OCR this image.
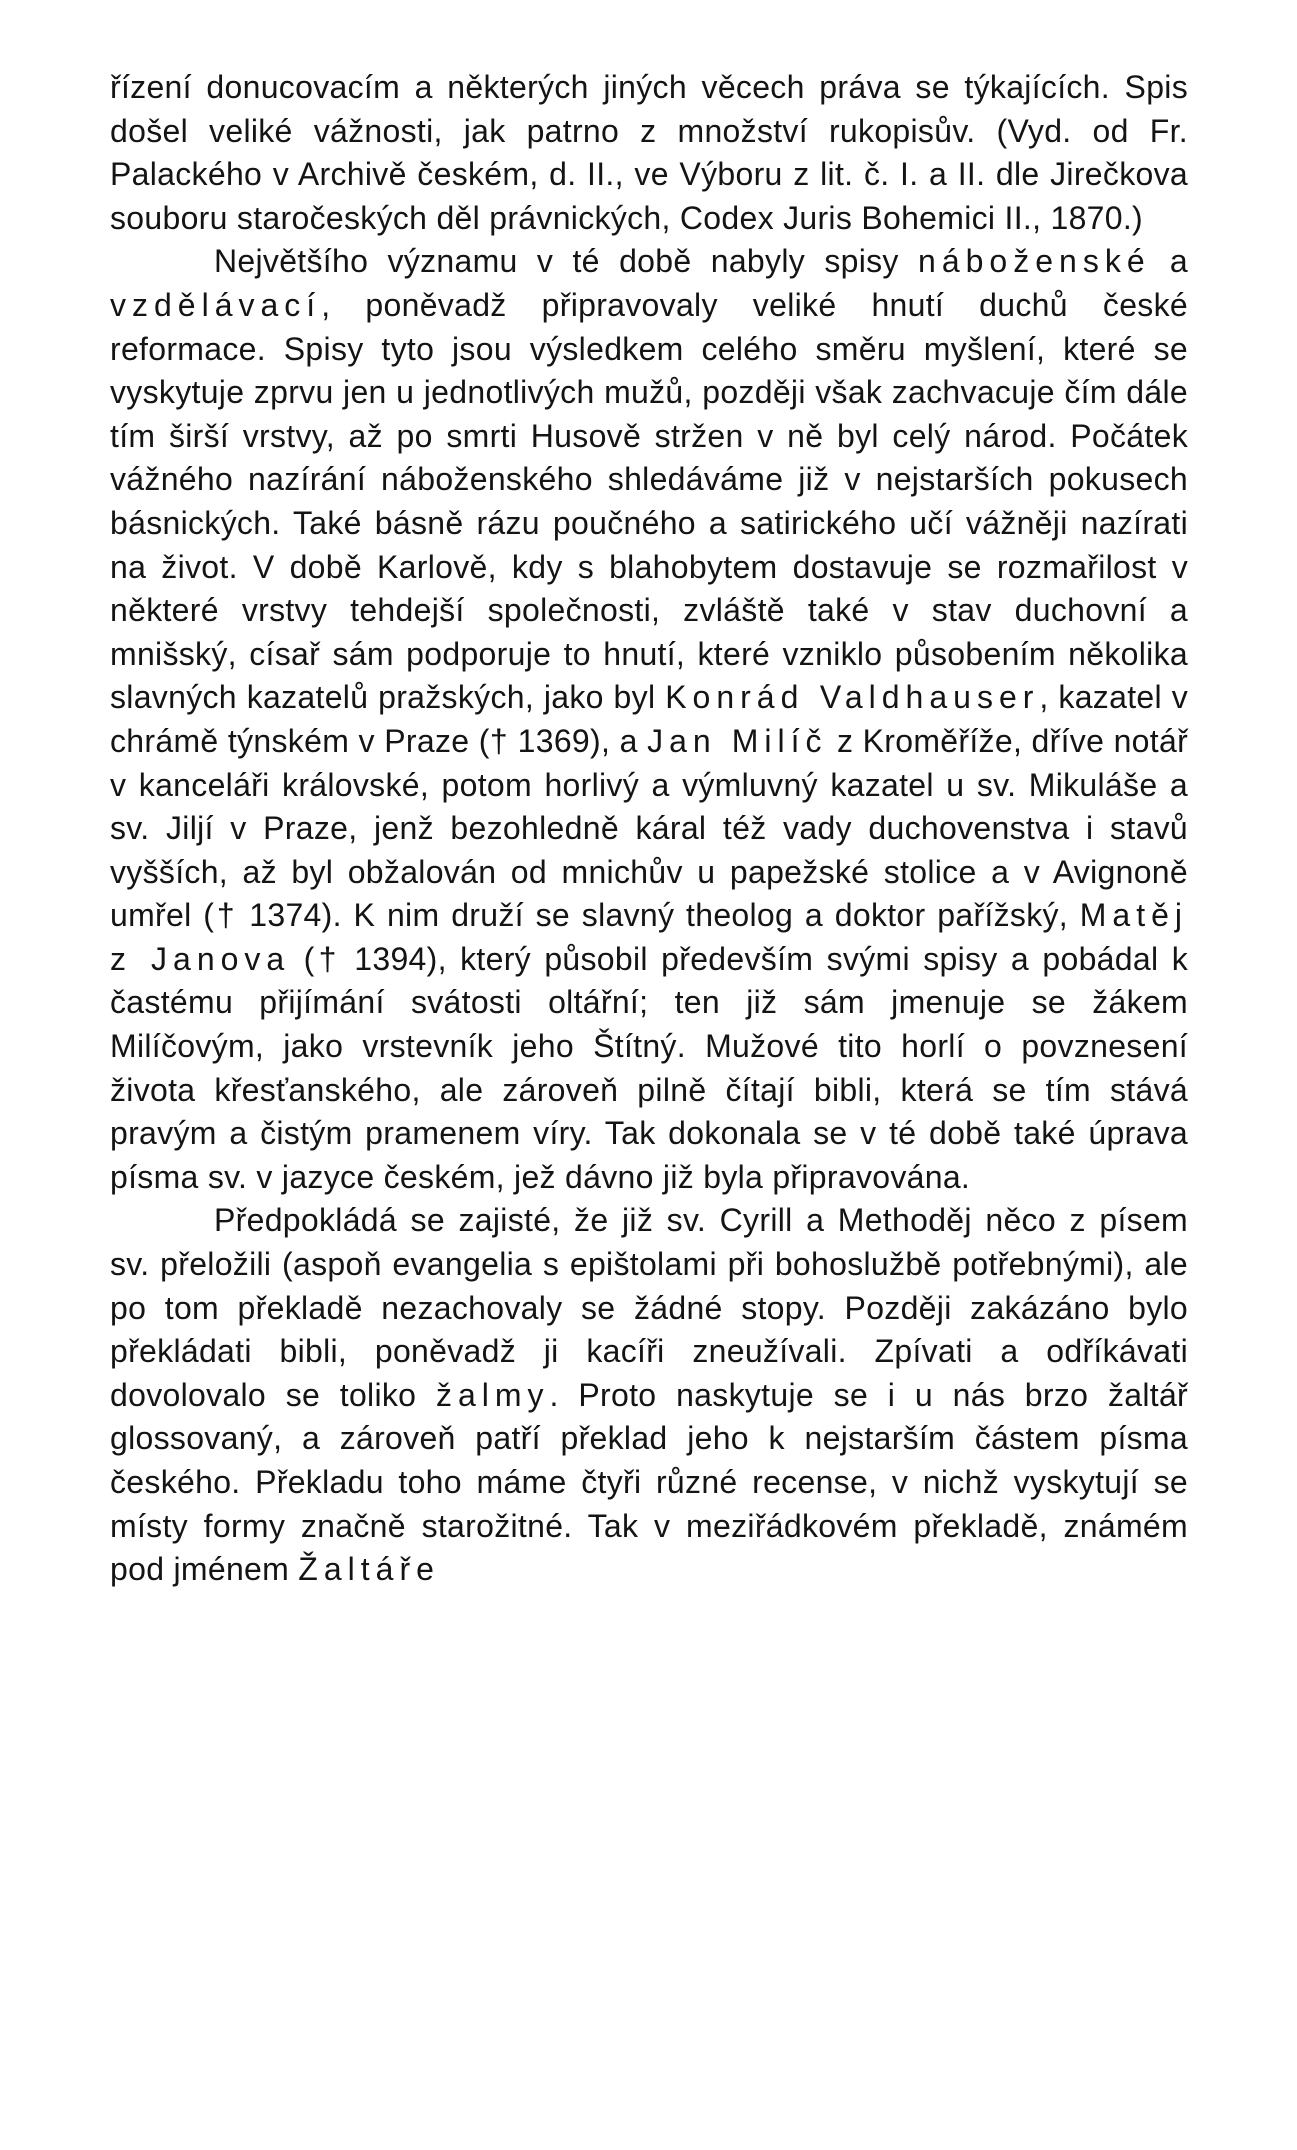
řízení donucovacím a některých jiných věcech práva se týkajících. Spis došel veliké vážnosti, jak patrno z množství rukopisův. (Vyd. od Fr. Palackého v Archivě českém, d. II., ve Výboru z lit. č. I. a II. dle Jirečkova souboru staročeských děl právnických, Codex Juris Bohemici II., 1870.)

Největšího významu v té době nabyly spisy náboženské a vzdělávací, poněvadž připravovaly veliké hnutí duchů české reformace. Spisy tyto jsou výsledkem celého směru myšlení, které se vyskytuje zprvu jen u jednotlivých mužů, později však zachvacuje čím dále tím širší vrstvy, až po smrti Husově stržen v ně byl celý národ. Počátek vážného nazírání náboženského shledáváme již v nejstarších pokusech básnických. Také básně rázu poučného a satirického učí vážněji nazírati na život. V době Karlově, kdy s blahobytem dostavuje se rozmařilost v některé vrstvy tehdejší společnosti, zvláště také v stav duchovní a mnišský, císař sám podporuje to hnutí, které vzniklo působením několika slavných kazatelů pražských, jako byl Konrád Valdhauser, kazatel v chrámě týnském v Praze († 1369), a Jan Milíč z Kroměříže, dříve notář v kanceláři královské, potom horlivý a výmluvný kazatel u sv. Mikuláše a sv. Jiljí v Praze, jenž bezohledně káral též vady duchovenstva i stavů vyšších, až byl obžalován od mnichův u papežské stolice a v Avignoně umřel († 1374). K nim druží se slavný theolog a doktor pařížský, Matěj z Janova († 1394), který působil především svými spisy a pobádal k častému přijímání svátosti oltářní; ten již sám jmenuje se žákem Milíčovým, jako vrstevník jeho Štítný. Mužové tito horlí o povznesení života křesťanského, ale zároveň pilně čítají bibli, která se tím stává pravým a čistým pramenem víry. Tak dokonala se v té době také úprava písma sv. v jazyce českém, jež dávno již byla připravována.

Předpokládá se zajisté, že již sv. Cyrill a Methoděj něco z písem sv. přeložili (aspoň evangelia s epištolami při bohoslužbě potřebnými), ale po tom překladě nezachovaly se žádné stopy. Později zakázáno bylo překládati bibli, poněvadž ji kacíři zneužívali. Zpívati a odříkávati dovolovalo se toliko žalmy. Proto naskytuje se i u nás brzo žaltář glossovaný, a zároveň patří překlad jeho k nejstarším částem písma českého. Překladu toho máme čtyři různé recense, v nichž vyskytují se místy formy značně starožitné. Tak v meziřádkovém překladě, známém pod jménem Žaltáře
